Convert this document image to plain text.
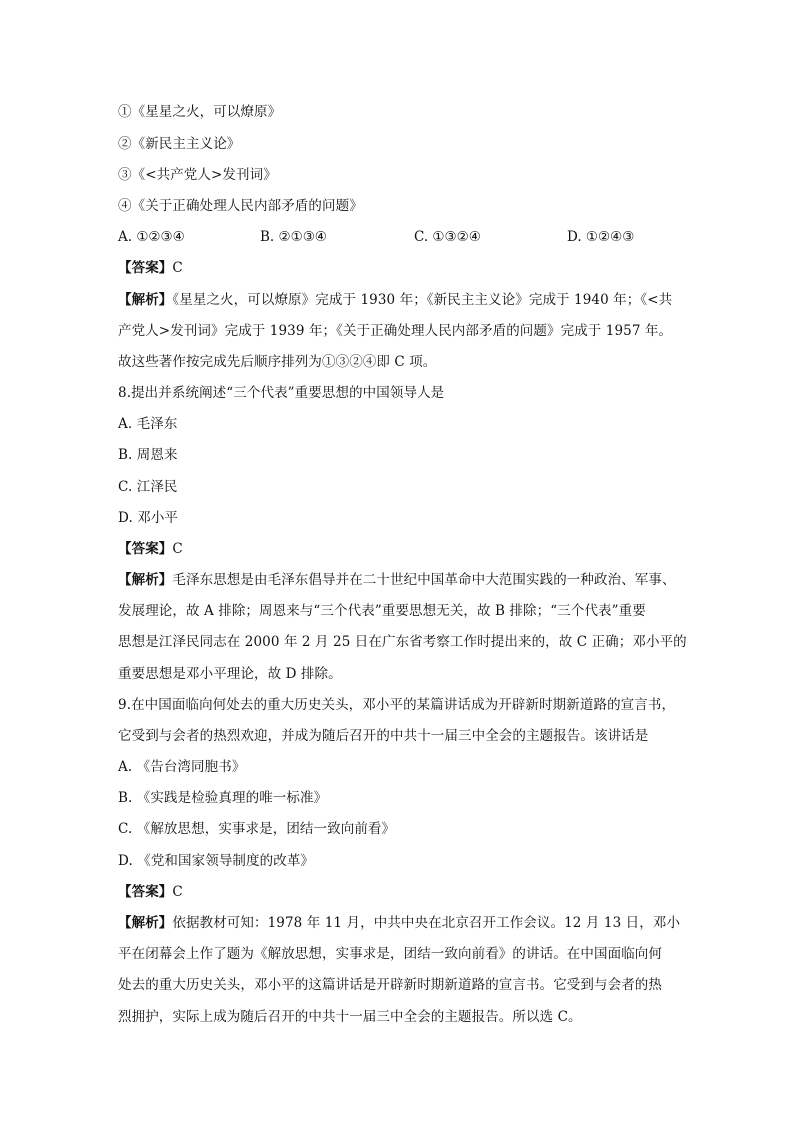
①《星星之火，可以燎原》
②《新民主主义论》
③《<共产党人>发刊词》
④《关于正确处理人民内部矛盾的问题》
A. ①②③④	B. ②①③④	C. ①③②④	D. ①②④③
【答案】C
【解析】《星星之火，可以燎原》完成于 1930 年；《新民主主义论》完成于 1940 年；《<共
产党人>发刊词》完成于 1939 年；《关于正确处理人民内部矛盾的问题》完成于 1957 年。
故这些著作按完成先后顺序排列为①③②④即 C 项。
8.提出并系统阐述“三个代表”重要思想的中国领导人是
A. 毛泽东
B. 周恩来
C. 江泽民
D. 邓小平
【答案】C
【解析】毛泽东思想是由毛泽东倡导并在二十世纪中国革命中大范围实践的一种政治、军事、
发展理论，故 A 排除；周恩来与“三个代表”重要思想无关，故 B 排除；“三个代表”重要
思想是江泽民同志在 2000 年 2 月 25 日在广东省考察工作时提出来的，故 C 正确；邓小平的
重要思想是邓小平理论，故 D 排除。
9.在中国面临向何处去的重大历史关头，邓小平的某篇讲话成为开辟新时期新道路的宣言书，
它受到与会者的热烈欢迎，并成为随后召开的中共十一届三中全会的主题报告。该讲话是
A. 《告台湾同胞书》
B. 《实践是检验真理的唯一标准》
C. 《解放思想，实事求是，团结一致向前看》
D. 《党和国家领导制度的改革》
【答案】C
【解析】依据教材可知：1978 年 11 月，中共中央在北京召开工作会议。12 月 13 日，邓小
平在闭幕会上作了题为《解放思想，实事求是，团结一致向前看》的讲话。在中国面临向何
处去的重大历史关头，邓小平的这篇讲话是开辟新时期新道路的宣言书。它受到与会者的热
烈拥护，实际上成为随后召开的中共十一届三中全会的主题报告。所以选 C。
